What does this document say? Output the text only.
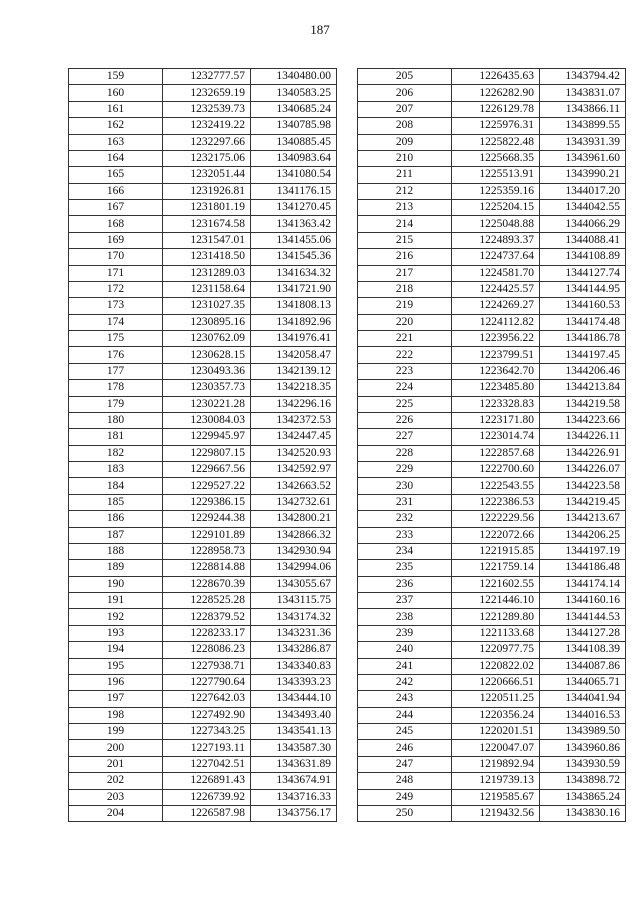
187
159	1232777.57	1340480.00
160	1232659.19	1340583.25
161	1232539.73	1340685.24
162	1232419.22	1340785.98
163	1232297.66	1340885.45
164	1232175.06	1340983.64
165	1232051.44	1341080.54
166	1231926.81	1341176.15
167	1231801.19	1341270.45
168	1231674.58	1341363.42
169	1231547.01	1341455.06
170	1231418.50	1341545.36
171	1231289.03	1341634.32
172	1231158.64	1341721.90
173	1231027.35	1341808.13
174	1230895.16	1341892.96
175	1230762.09	1341976.41
176	1230628.15	1342058.47
177	1230493.36	1342139.12
178	1230357.73	1342218.35
179	1230221.28	1342296.16
180	1230084.03	1342372.53
181	1229945.97	1342447.45
182	1229807.15	1342520.93
183	1229667.56	1342592.97
184	1229527.22	1342663.52
185	1229386.15	1342732.61
186	1229244.38	1342800.21
187	1229101.89	1342866.32
188	1228958.73	1342930.94
189	1228814.88	1342994.06
190	1228670.39	1343055.67
191	1228525.28	1343115.75
192	1228379.52	1343174.32
193	1228233.17	1343231.36
194	1228086.23	1343286.87
195	1227938.71	1343340.83
196	1227790.64	1343393.23
197	1227642.03	1343444.10
198	1227492.90	1343493.40
199	1227343.25	1343541.13
200	1227193.11	1343587.30
201	1227042.51	1343631.89
202	1226891.43	1343674.91
203	1226739.92	1343716.33
204	1226587.98	1343756.17
205	1226435.63	1343794.42
206	1226282.90	1343831.07
207	1226129.78	1343866.11
208	1225976.31	1343899.55
209	1225822.48	1343931.39
210	1225668.35	1343961.60
211	1225513.91	1343990.21
212	1225359.16	1344017.20
213	1225204.15	1344042.55
214	1225048.88	1344066.29
215	1224893.37	1344088.41
216	1224737.64	1344108.89
217	1224581.70	1344127.74
218	1224425.57	1344144.95
219	1224269.27	1344160.53
220	1224112.82	1344174.48
221	1223956.22	1344186.78
222	1223799.51	1344197.45
223	1223642.70	1344206.46
224	1223485.80	1344213.84
225	1223328.83	1344219.58
226	1223171.80	1344223.66
227	1223014.74	1344226.11
228	1222857.68	1344226.91
229	1222700.60	1344226.07
230	1222543.55	1344223.58
231	1222386.53	1344219.45
232	1222229.56	1344213.67
233	1222072.66	1344206.25
234	1221915.85	1344197.19
235	1221759.14	1344186.48
236	1221602.55	1344174.14
237	1221446.10	1344160.16
238	1221289.80	1344144.53
239	1221133.68	1344127.28
240	1220977.75	1344108.39
241	1220822.02	1344087.86
242	1220666.51	1344065.71
243	1220511.25	1344041.94
244	1220356.24	1344016.53
245	1220201.51	1343989.50
246	1220047.07	1343960.86
247	1219892.94	1343930.59
248	1219739.13	1343898.72
249	1219585.67	1343865.24
250	1219432.56	1343830.16
